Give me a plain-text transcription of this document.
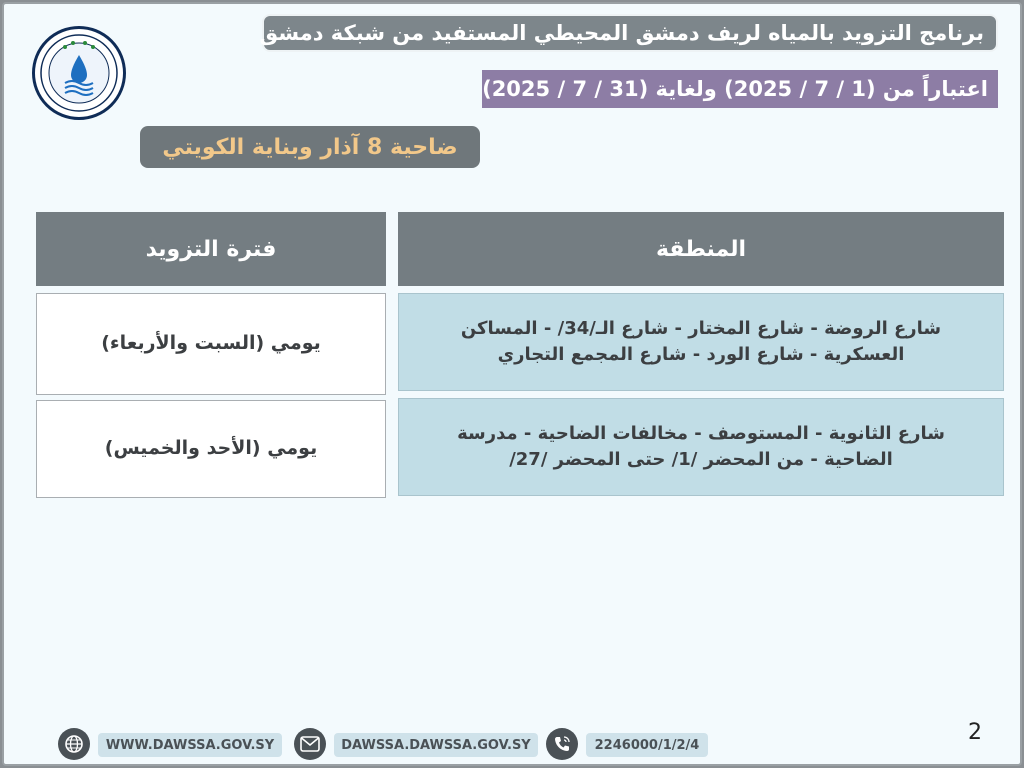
برنامج التزويد بالمياه لريف دمشق المحيطي المستفيد من شبكة دمشق
اعتباراً من (1 / 7 / 2025) ولغاية (31 / 7 / 2025)
ضاحية 8 آذار وبناية الكويتي
المنطقة
فترة التزويد
شارع الروضة - شارع المختار - شارع الـ/34/ - المساكن العسكرية - شارع الورد - شارع المجمع التجاري
يومي (السبت والأربعاء)
شارع الثانوية - المستوصف - مخالفات الضاحية - مدرسة الضاحية - من المحضر /1/ حتى المحضر /27/
يومي (الأحد والخميس)
2
WWW.DAWSSA.GOV.SY	DAWSSA.DAWSSA.GOV.SY	2246000/1/2/4
